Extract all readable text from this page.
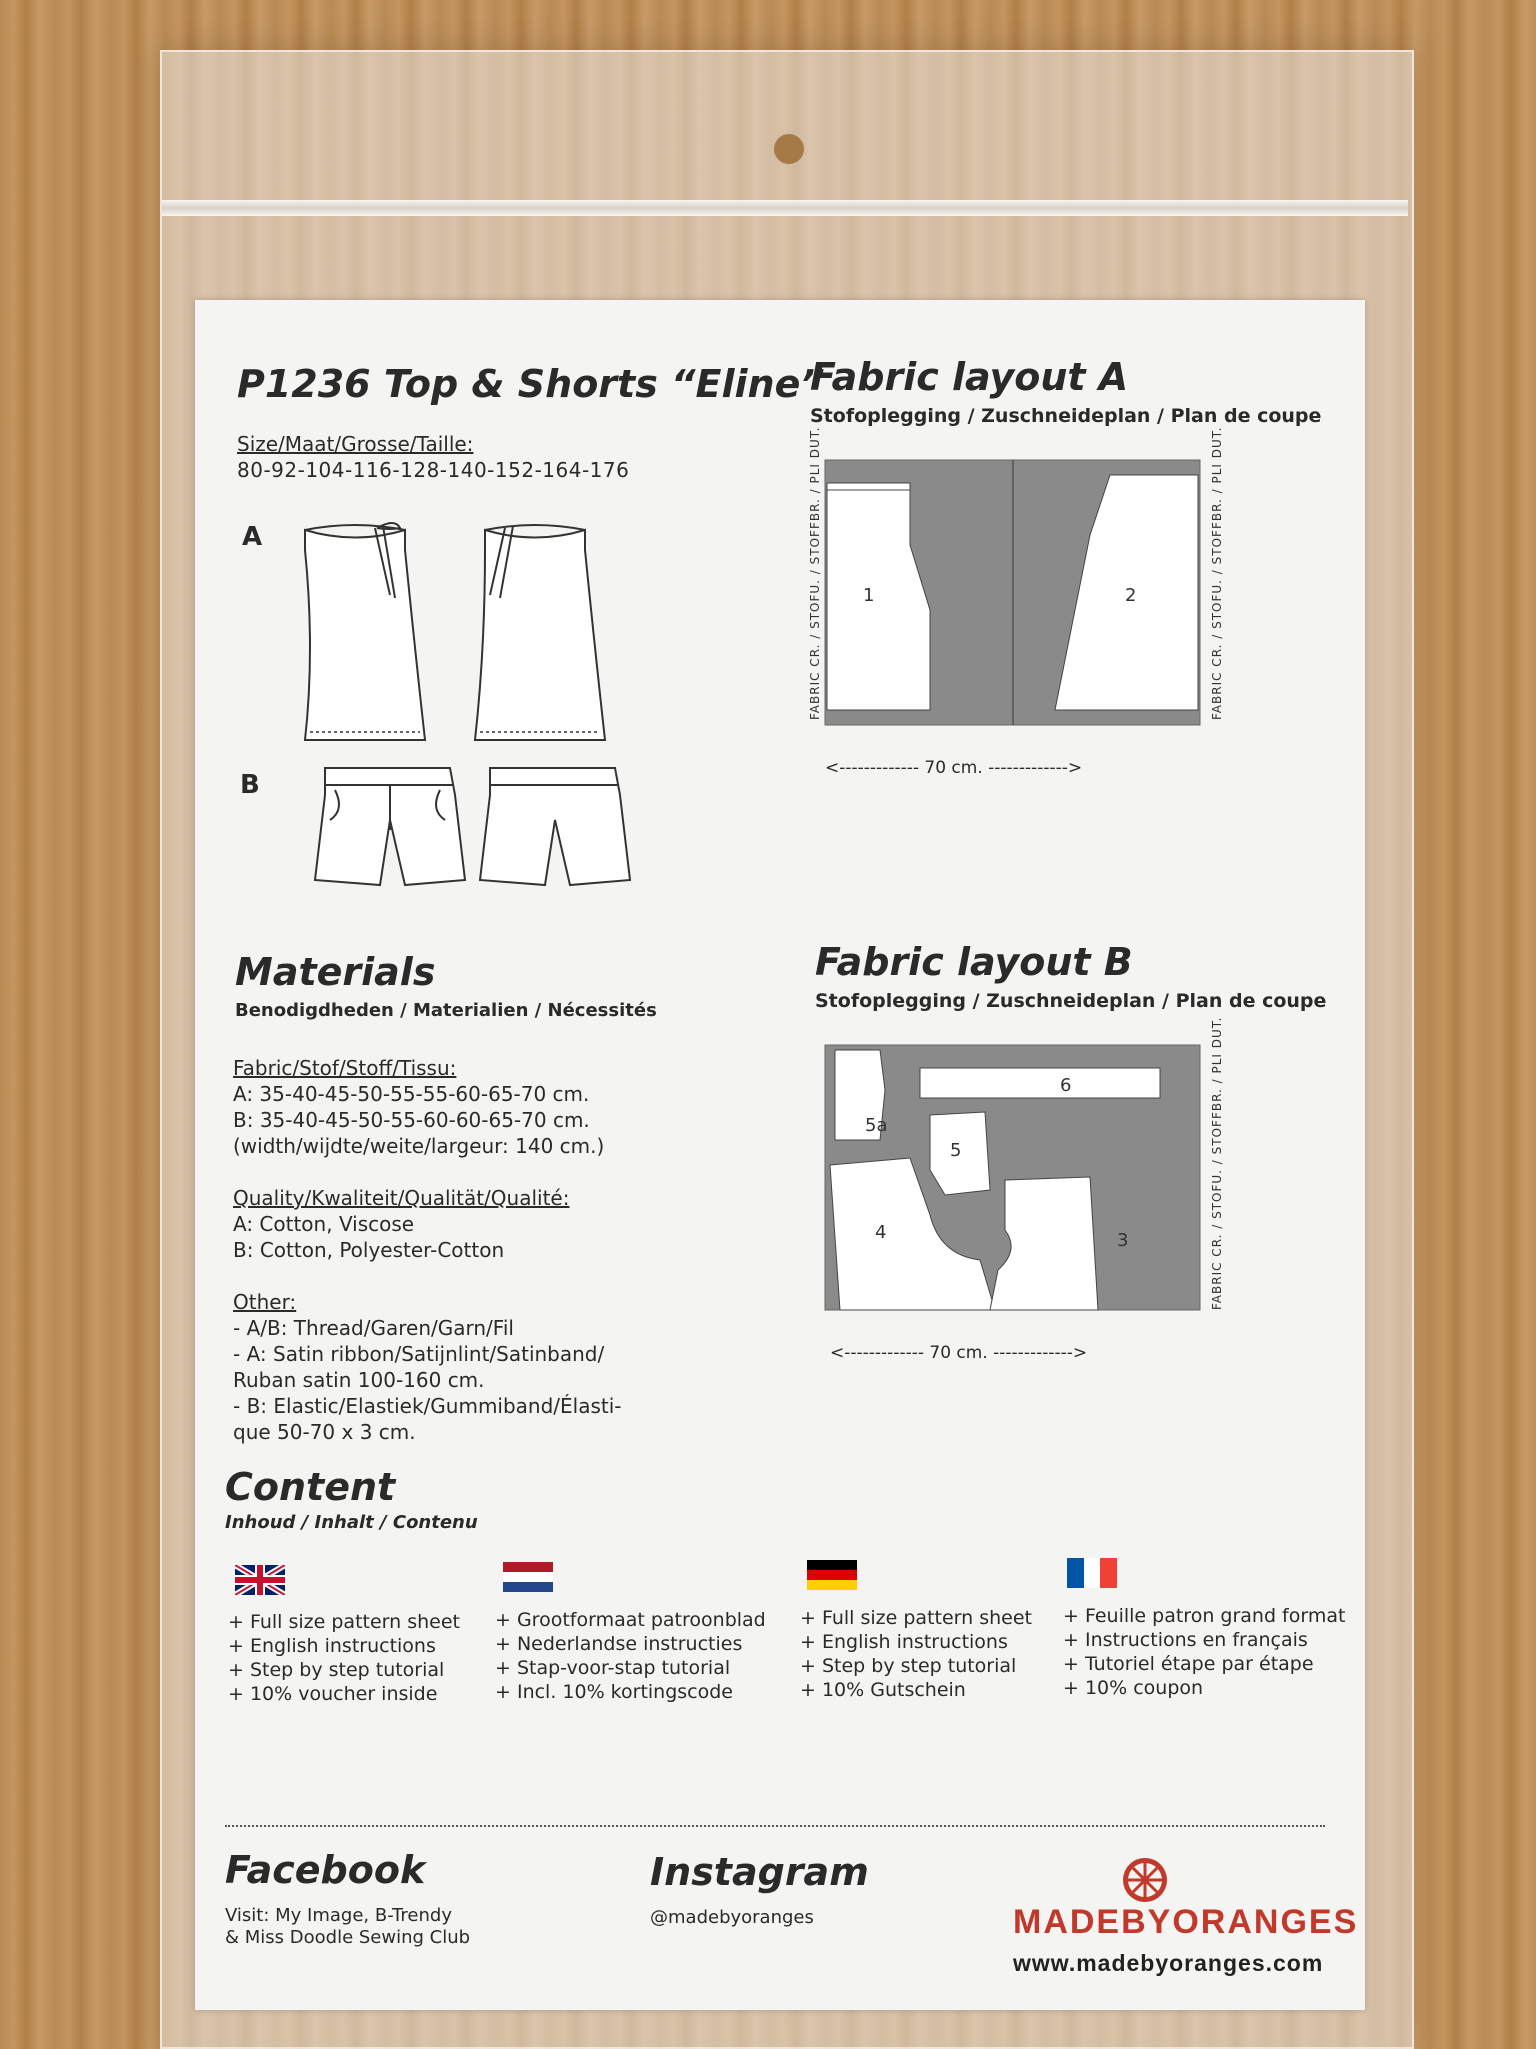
P1236 Top & Shorts “Eline”
Size/Maat/Grosse/Taille:
80-92-104-116-128-140-152-164-176
A
B
Materials
Benodigdheden / Materialien / Nécessités
Fabric/Stof/Stoff/Tissu:
A: 35-40-45-50-55-55-60-65-70 cm.
B: 35-40-45-50-55-60-60-65-70 cm.
(width/wijdte/weite/largeur: 140 cm.)
Quality/Kwaliteit/Qualität/Qualité:
A: Cotton, Viscose
B: Cotton, Polyester-Cotton
Other:
- A/B: Thread/Garen/Garn/Fil
- A: Satin ribbon/Satijnlint/Satinband/
Ruban satin 100-160 cm.
- B: Elastic/Elastiek/Gummiband/Élasti-
que 50-70 x 3 cm.
Fabric layout A
Stofoplegging / Zuschneideplan / Plan de coupe
FABRIC CR. / STOFU. / STOFFBR. / PLI DUT.	FABRIC CR. / STOFU. / STOFFBR. / PLI DUT.
1	2
<------------- 70 cm. ------------->
Fabric layout B
Stofoplegging / Zuschneideplan / Plan de coupe
FABRIC CR. / STOFU. / STOFFBR. / PLI DUT.
6
5a
5
4	3
<------------- 70 cm. ------------->
Content
Inhoud / Inhalt / Contenu
+ Full size pattern sheet
+ English instructions
+ Step by step tutorial
+ 10% voucher inside
+ Grootformaat patroonblad
+ Nederlandse instructies
+ Stap-voor-stap tutorial
+ Incl. 10% kortingscode
+ Full size pattern sheet
+ English instructions
+ Step by step tutorial
+ 10% Gutschein
+ Feuille patron grand format
+ Instructions en français
+ Tutoriel étape par étape
+ 10% coupon
Facebook
Visit: My Image, B-Trendy
& Miss Doodle Sewing Club
Instagram
@madebyoranges	MADEBYORANGES
www.madebyoranges.com
